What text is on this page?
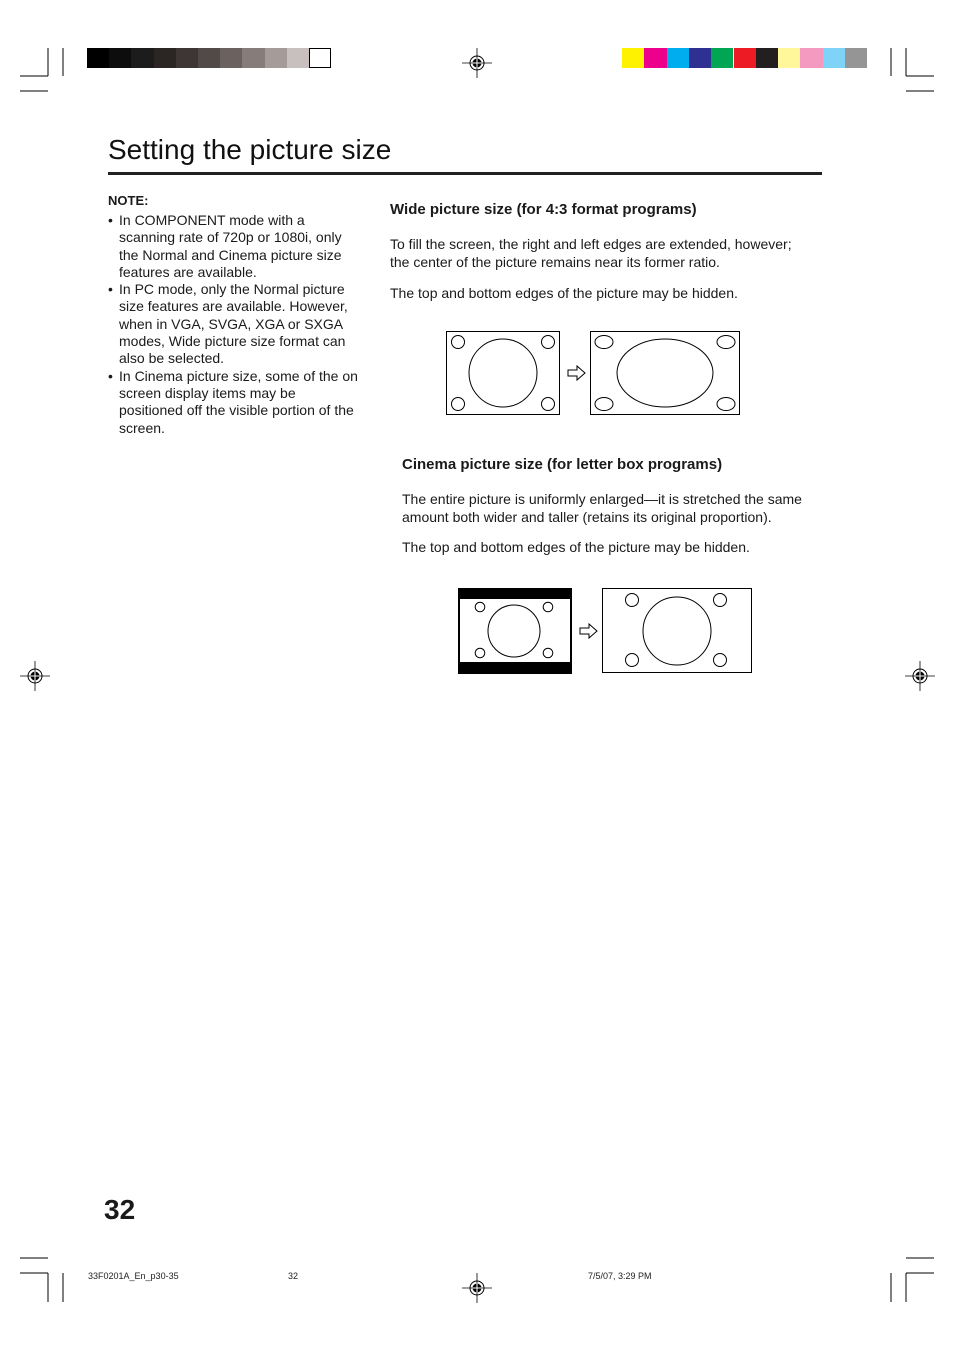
Setting the picture size
NOTE:
• In COMPONENT mode with a scanning rate of 720p or 1080i, only the Normal and Cinema picture size features are available.
• In PC mode, only the Normal picture size features are available. However, when in VGA, SVGA, XGA or SXGA modes, Wide picture size format can also be selected.
• In Cinema picture size, some of the on screen display items may be positioned off the visible portion of the screen.
Wide picture size (for 4:3 format programs)
To fill the screen, the right and left edges are extended, however; the center of the picture remains near its former ratio.
The top and bottom edges of the picture may be hidden.
Cinema picture size (for letter box programs)
The entire picture is uniformly enlarged—it is stretched the same amount both wider and taller (retains its original proportion).
The top and bottom edges of the picture may be hidden.
32
33F0201A_En_p30-35	32	7/5/07, 3:29 PM
